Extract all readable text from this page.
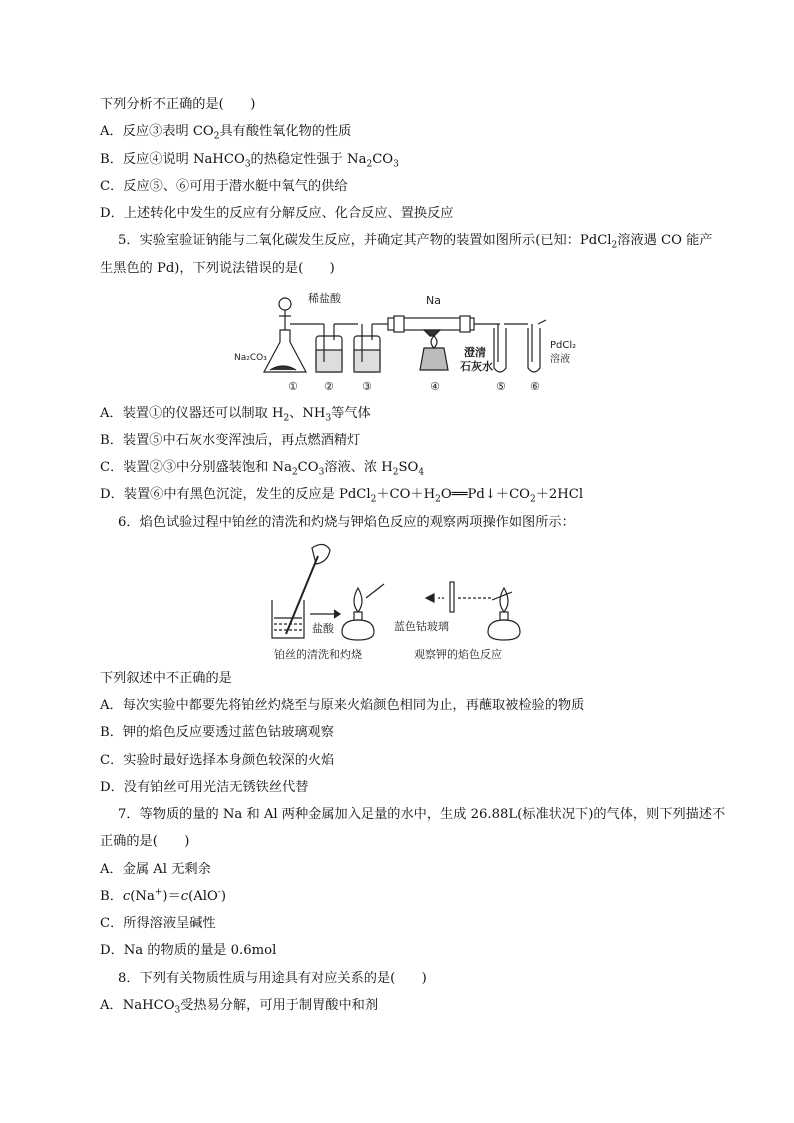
下列分析不正确的是(　　)
A．反应③表明 $CO_2$具有酸性氧化物的性质
B．反应④说明 NaHCO$_3$的热稳定性强于 $Na_2CO_3$
C．反应⑤、⑥可用于潜水艇中氧气的供给
D．上述转化中发生的反应有分解反应、化合反应、置换反应
5．实验室验证钠能与二氧化碳发生反应，并确定其产物的装置如图所示(已知：PdCl$_2$溶液遇 CO 能产
生黑色的 Pd)，下列说法错误的是(　　)
稀盐酸	Na
Na₂CO₃	澄清
石灰水
PdCl₂
溶液
① ②	③	④	⑤ ⑥
A．装置①的仪器还可以制取 $H_2$、$NH_3$等气体
B．装置⑤中石灰水变浑浊后，再点燃酒精灯
C．装置②③中分别盛装饱和 $Na_2CO_3$溶液、浓 $H_2SO_4$
D．装置⑥中有黑色沉淀，发生的反应是 $PdCl_2+CO+H_2O══Pd↓+CO_2+2HCl$
6．焰色试验过程中铂丝的清洗和灼烧与钾焰色反应的观察两项操作如图所示：
盐酸
铂丝的清洗和灼烧
蓝色钴玻璃
观察钾的焰色反应
下列叙述中不正确的是
A．每次实验中都要先将铂丝灼烧至与原来火焰颜色相同为止，再蘸取被检验的物质
B．钾的焰色反应要透过蓝色钴玻璃观察
C．实验时最好选择本身颜色较深的火焰
D．没有铂丝可用光洁无锈铁丝代替
7．等物质的量的 Na 和 Al 两种金属加入足量的水中，生成 26.88L(标准状况下)的气体，则下列描述不
正确的是(　　)
A．金属 Al 无剩余
B．c(Na+)＝c(AlO-)
C．所得溶液呈碱性
D．Na 的物质的量是 0.6mol
8．下列有关物质性质与用途具有对应关系的是(　　)
A．NaHCO$_3$受热易分解，可用于制胃酸中和剂
